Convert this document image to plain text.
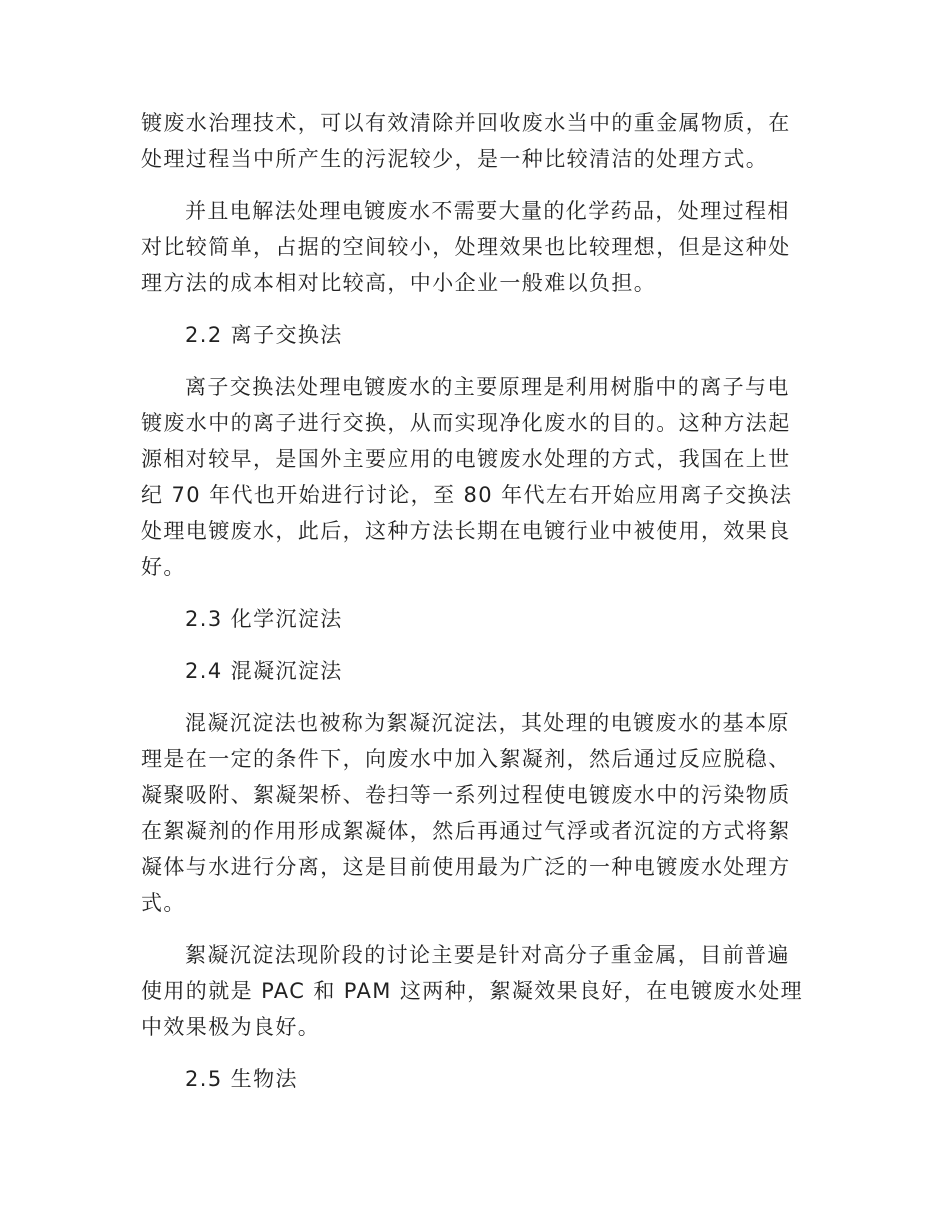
镀废水治理技术，可以有效清除并回收废水当中的重金属物质，在处理过程当中所产生的污泥较少，是一种比较清洁的处理方式。

并且电解法处理电镀废水不需要大量的化学药品，处理过程相对比较简单，占据的空间较小，处理效果也比较理想，但是这种处理方法的成本相对比较高，中小企业一般难以负担。

2.2 离子交换法

离子交换法处理电镀废水的主要原理是利用树脂中的离子与电镀废水中的离子进行交换，从而实现净化废水的目的。这种方法起源相对较早，是国外主要应用的电镀废水处理的方式，我国在上世纪 70 年代也开始进行讨论，至 80 年代左右开始应用离子交换法处理电镀废水，此后，这种方法长期在电镀行业中被使用，效果良好。

2.3 化学沉淀法

2.4 混凝沉淀法

混凝沉淀法也被称为絮凝沉淀法，其处理的电镀废水的基本原理是在一定的条件下，向废水中加入絮凝剂，然后通过反应脱稳、凝聚吸附、絮凝架桥、卷扫等一系列过程使电镀废水中的污染物质在絮凝剂的作用形成絮凝体，然后再通过气浮或者沉淀的方式将絮凝体与水进行分离，这是目前使用最为广泛的一种电镀废水处理方式。

絮凝沉淀法现阶段的讨论主要是针对高分子重金属，目前普遍使用的就是 PAC 和 PAM 这两种，絮凝效果良好，在电镀废水处理中效果极为良好。

2.5 生物法
